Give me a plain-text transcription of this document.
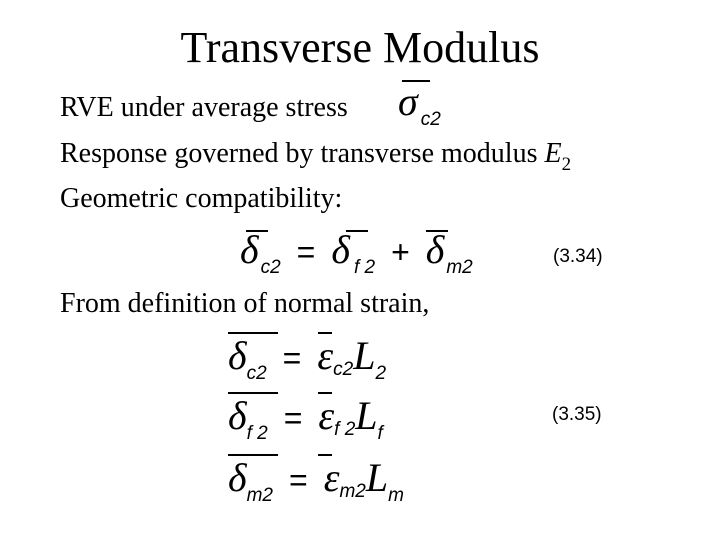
Transverse Modulus
RVE under average stress σ $_{c2}$
Response governed by transverse modulus $E_2$
Geometric compatibility:
δ $_{c2}$ = δ $_{f 2}$ + δ $_{m2}$
(3.34)
From definition of normal strain,
$\delta_{c2} = \varepsilon c2L_2$
$\delta_{f 2} = \varepsilon f$ $2L_f$
(3.35)
$\delta_{m2} = \varepsilon m2L_m$
